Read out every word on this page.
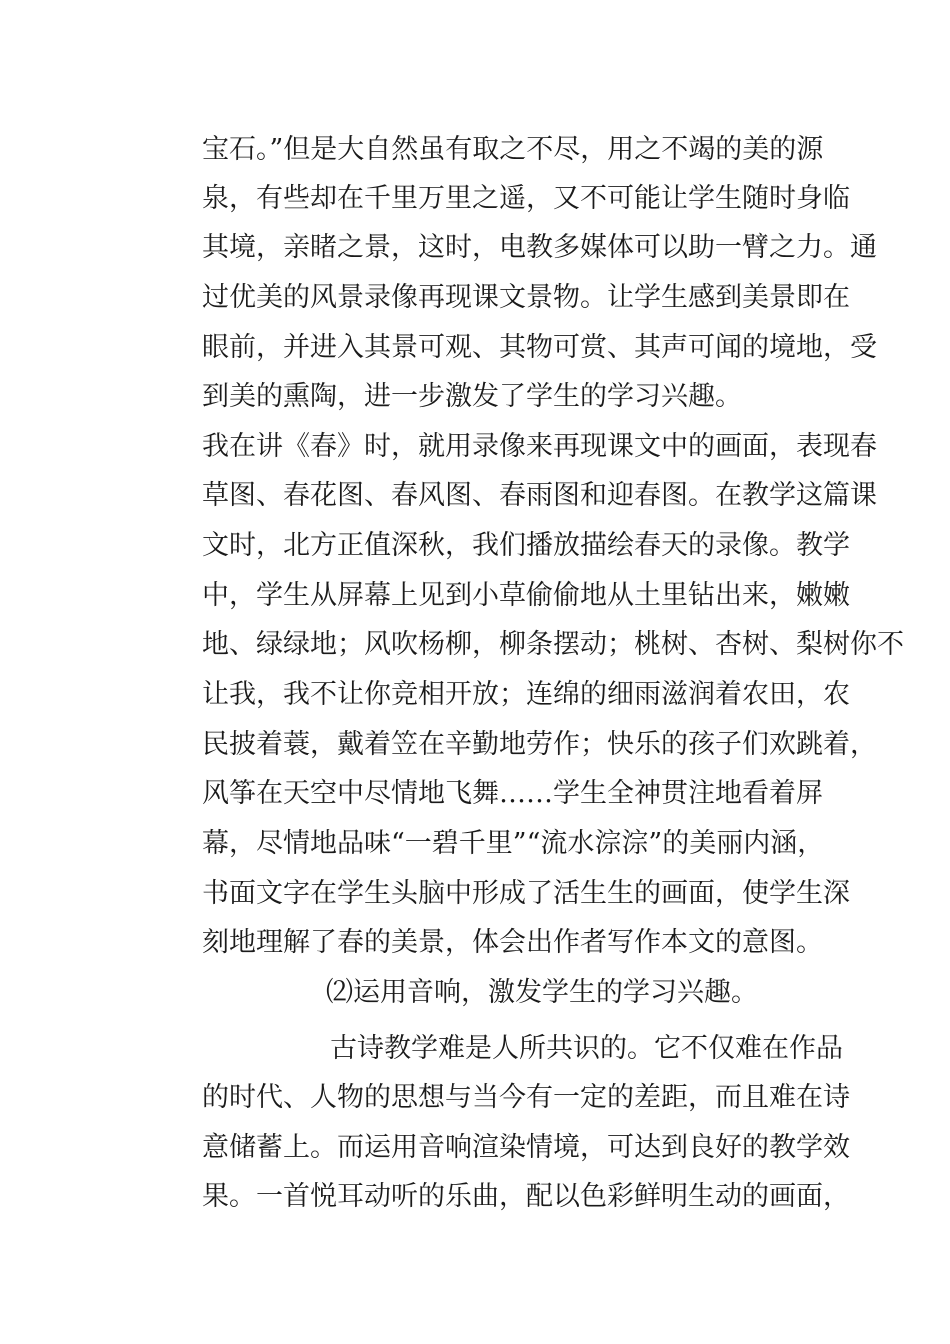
宝石。”但是大自然虽有取之不尽，用之不竭的美的源
泉，有些却在千里万里之遥，又不可能让学生随时身临
其境，亲睹之景，这时，电教多媒体可以助一臂之力。通
过优美的风景录像再现课文景物。让学生感到美景即在
眼前，并进入其景可观、其物可赏、其声可闻的境地，受
到美的熏陶，进一步激发了学生的学习兴趣。
我在讲《春》时，就用录像来再现课文中的画面，表现春
草图、春花图、春风图、春雨图和迎春图。在教学这篇课
文时，北方正值深秋，我们播放描绘春天的录像。教学
中，学生从屏幕上见到小草偷偷地从土里钻出来，嫩嫩
地、绿绿地；风吹杨柳，柳条摆动；桃树、杏树、梨树你不
让我，我不让你竞相开放；连绵的细雨滋润着农田，农
民披着蓑，戴着笠在辛勤地劳作；快乐的孩子们欢跳着，
风筝在天空中尽情地飞舞……学生全神贯注地看着屏
幕，尽情地品味“一碧千里”“流水淙淙”的美丽内涵，
书面文字在学生头脑中形成了活生生的画面，使学生深
刻地理解了春的美景，体会出作者写作本文的意图。
⑵运用音响，激发学生的学习兴趣。
古诗教学难是人所共识的。它不仅难在作品
的时代、人物的思想与当今有一定的差距，而且难在诗
意储蓄上。而运用音响渲染情境，可达到良好的教学效
果。一首悦耳动听的乐曲，配以色彩鲜明生动的画面，
